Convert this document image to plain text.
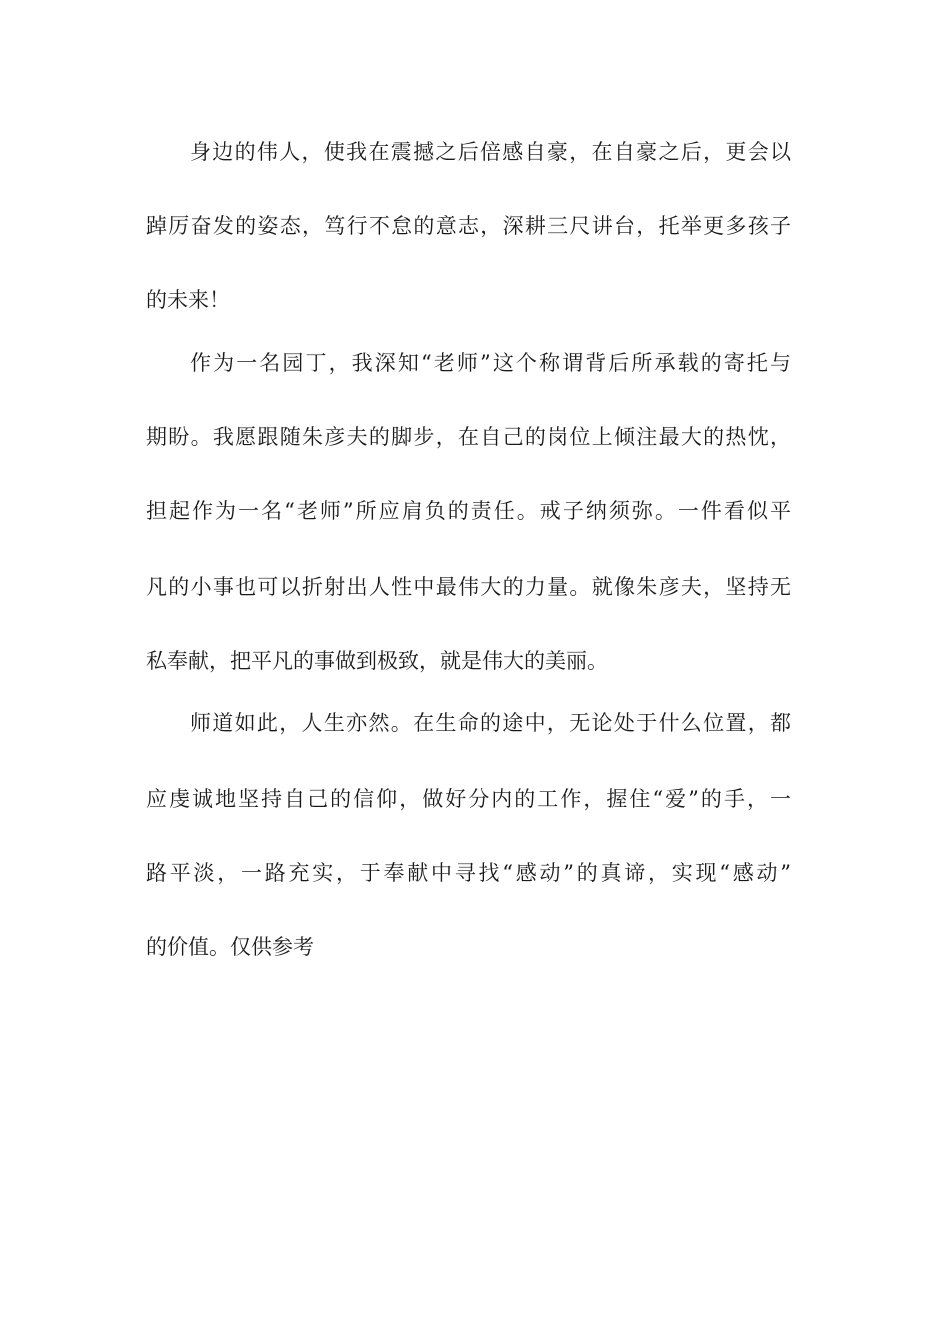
身边的伟人，使我在震撼之后倍感自豪，在自豪之后，更会以
踔厉奋发的姿态，笃行不怠的意志，深耕三尺讲台，托举更多孩子
的未来！
作为一名园丁，我深知“老师”这个称谓背后所承载的寄托与
期盼。我愿跟随朱彦夫的脚步，在自己的岗位上倾注最大的热忱，
担起作为一名“老师”所应肩负的责任。戒子纳须弥。一件看似平
凡的小事也可以折射出人性中最伟大的力量。就像朱彦夫，坚持无
私奉献，把平凡的事做到极致，就是伟大的美丽。
师道如此，人生亦然。在生命的途中，无论处于什么位置，都
应虔诚地坚持自己的信仰，做好分内的工作，握住“爱”的手，一
路平淡，一路充实，于奉献中寻找“感动”的真谛，实现“感动”
的价值。仅供参考
